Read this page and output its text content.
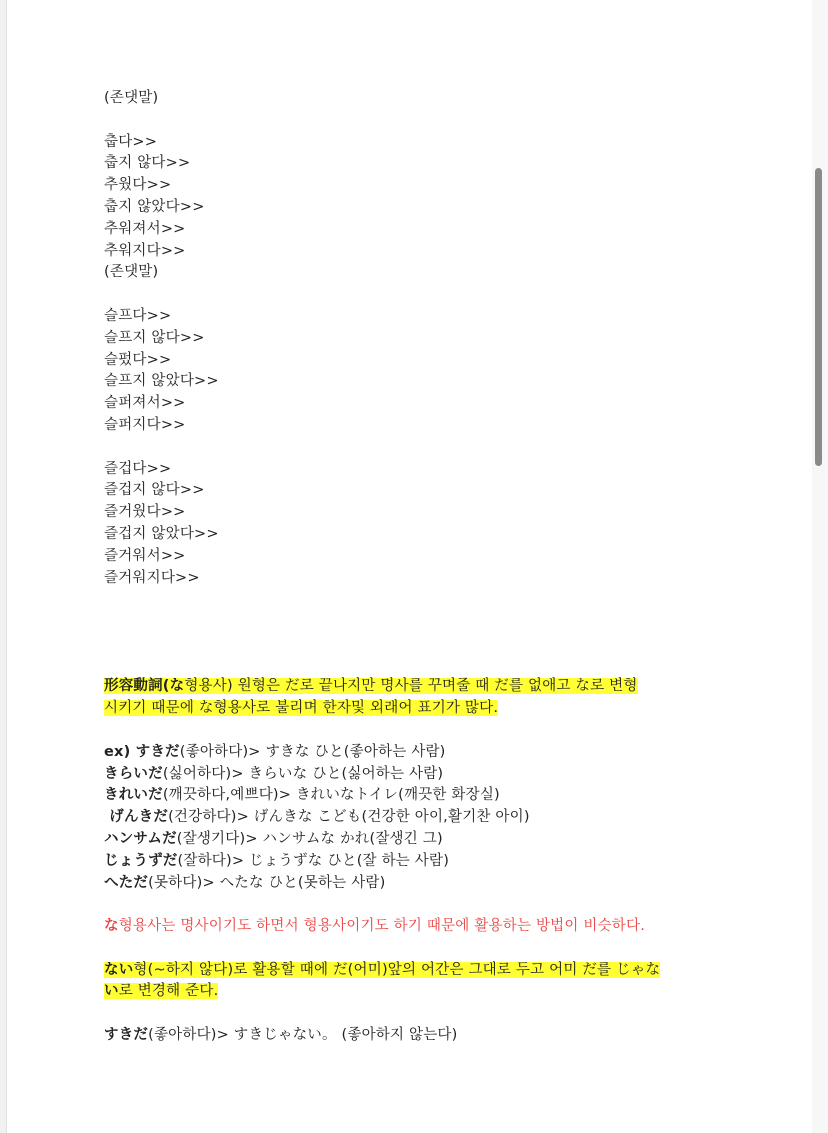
(존댓말)
춥다>>
춥지 않다>>
추웠다>>
춥지 않았다>>
추워져서>>
추워지다>>
(존댓말)
슬프다>>
슬프지 않다>>
슬펐다>>
슬프지 않았다>>
슬퍼져서>>
슬퍼지다>>
즐겁다>>
즐겁지 않다>>
즐거웠다>>
즐겁지 않았다>>
즐거워서>>
즐거워지다>>
形容動詞(な형용사) 원형은 だ로 끝나지만 명사를 꾸며줄 때 だ를 없애고 な로 변형
시키기 때문에 な형용사로 불리며 한자및 외래어 표기가 많다.
ex) すきだ(좋아하다)> すきな ひと(좋아하는 사람)
きらいだ(싫어하다)> きらいな ひと(싫어하는 사람)
きれいだ(깨끗하다,예쁘다)> きれいなトイレ(깨끗한 화장실)
げんきだ(건강하다)> げんきな こども(건강한 아이,활기찬 아이)
ハンサムだ(잘생기다)> ハンサムな かれ(잘생긴 그)
じょうずだ(잘하다)> じょうずな ひと(잘 하는 사람)
へただ(못하다)> へたな ひと(못하는 사람)
な형용사는 명사이기도 하면서 형용사이기도 하기 때문에 활용하는 방법이 비슷하다.
ない형(~하지 않다)로 활용할 때에 だ(어미)앞의 어간은 그대로 두고 어미 だ를 じゃな
い로 변경해 준다.
すきだ(좋아하다)> すきじゃない。 (좋아하지 않는다)
